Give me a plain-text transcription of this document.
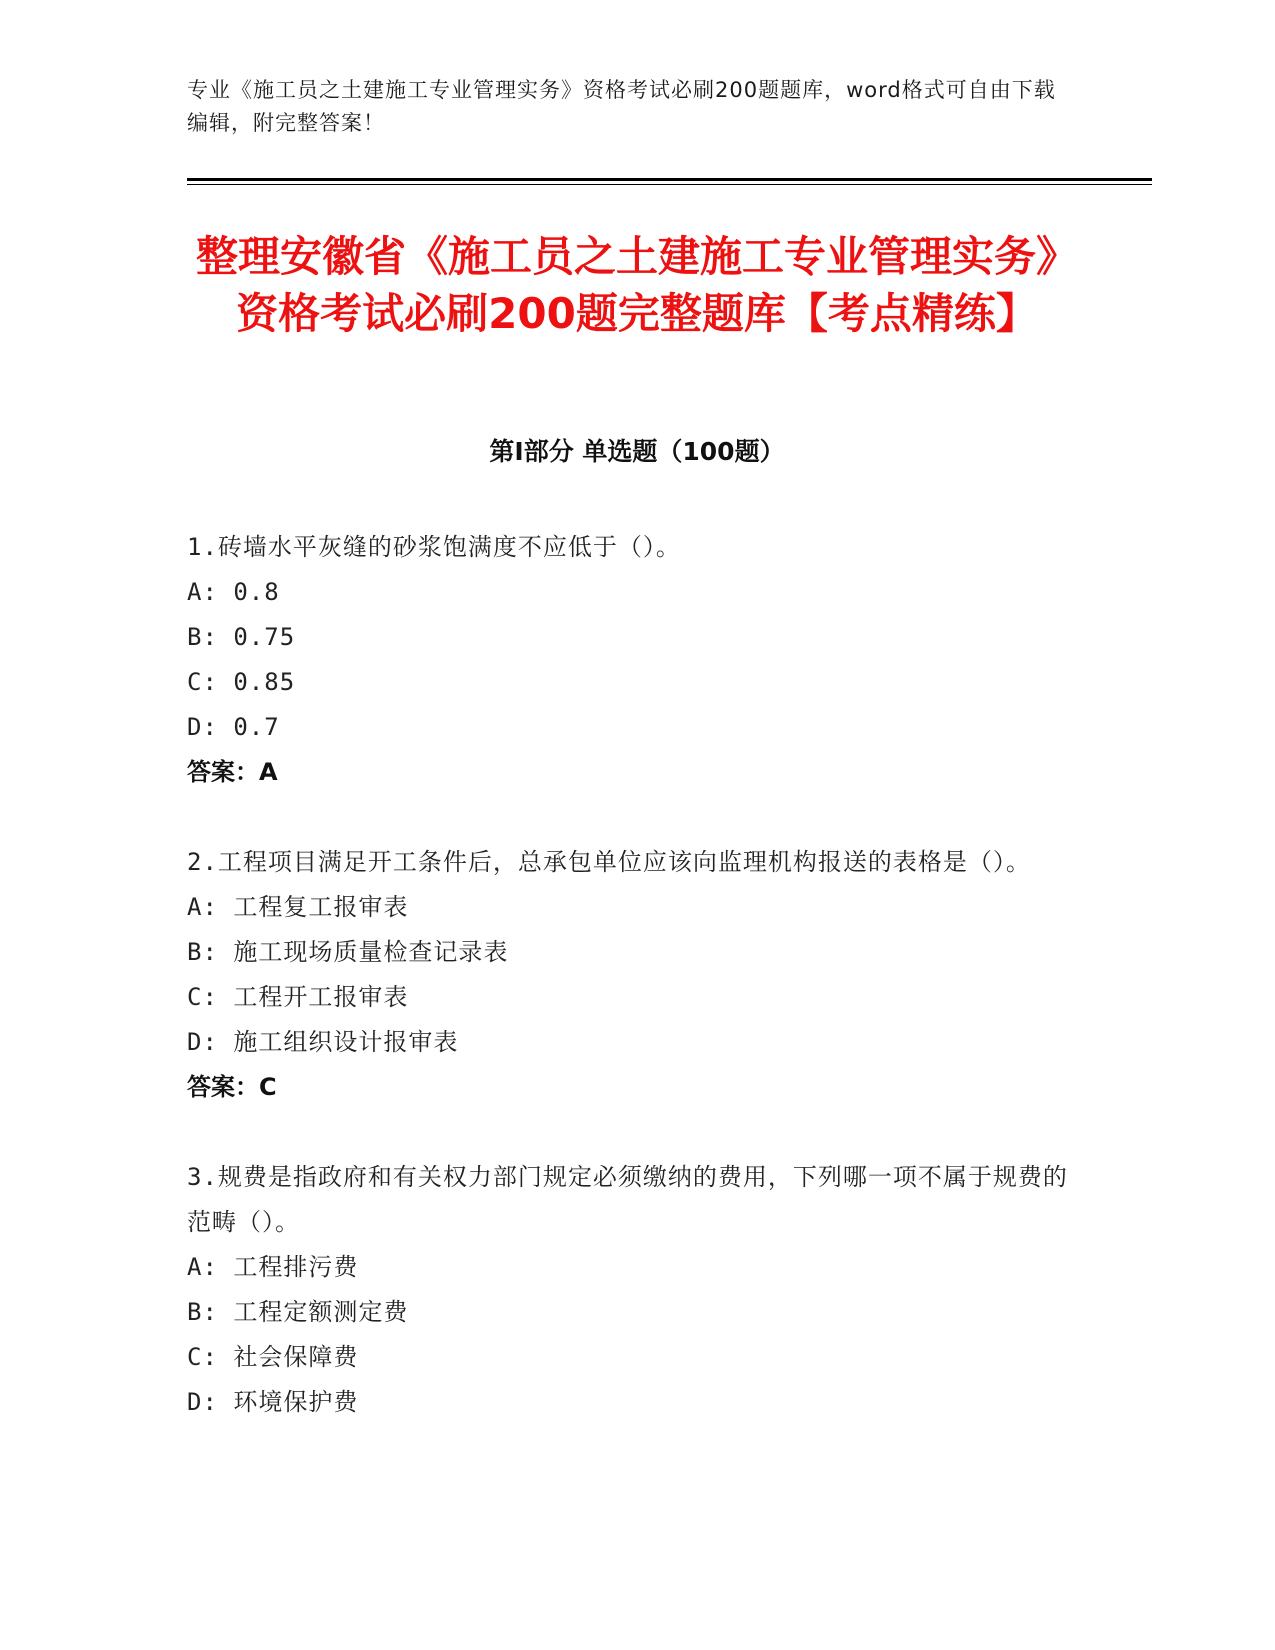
专业《施工员之土建施工专业管理实务》资格考试必刷200题题库，word格式可自由下载编辑，附完整答案！
整理安徽省《施工员之土建施工专业管理实务》资格考试必刷200题完整题库【考点精练】
第I部分 单选题（100题）
1.砖墙水平灰缝的砂浆饱满度不应低于（）。
A: 0.8
B: 0.75
C: 0.85
D: 0.7
答案：A
2.工程项目满足开工条件后，总承包单位应该向监理机构报送的表格是（）。
A: 工程复工报审表
B: 施工现场质量检查记录表
C: 工程开工报审表
D: 施工组织设计报审表
答案：C
3.规费是指政府和有关权力部门规定必须缴纳的费用，下列哪一项不属于规费的范畴（）。
A: 工程排污费
B: 工程定额测定费
C: 社会保障费
D: 环境保护费
